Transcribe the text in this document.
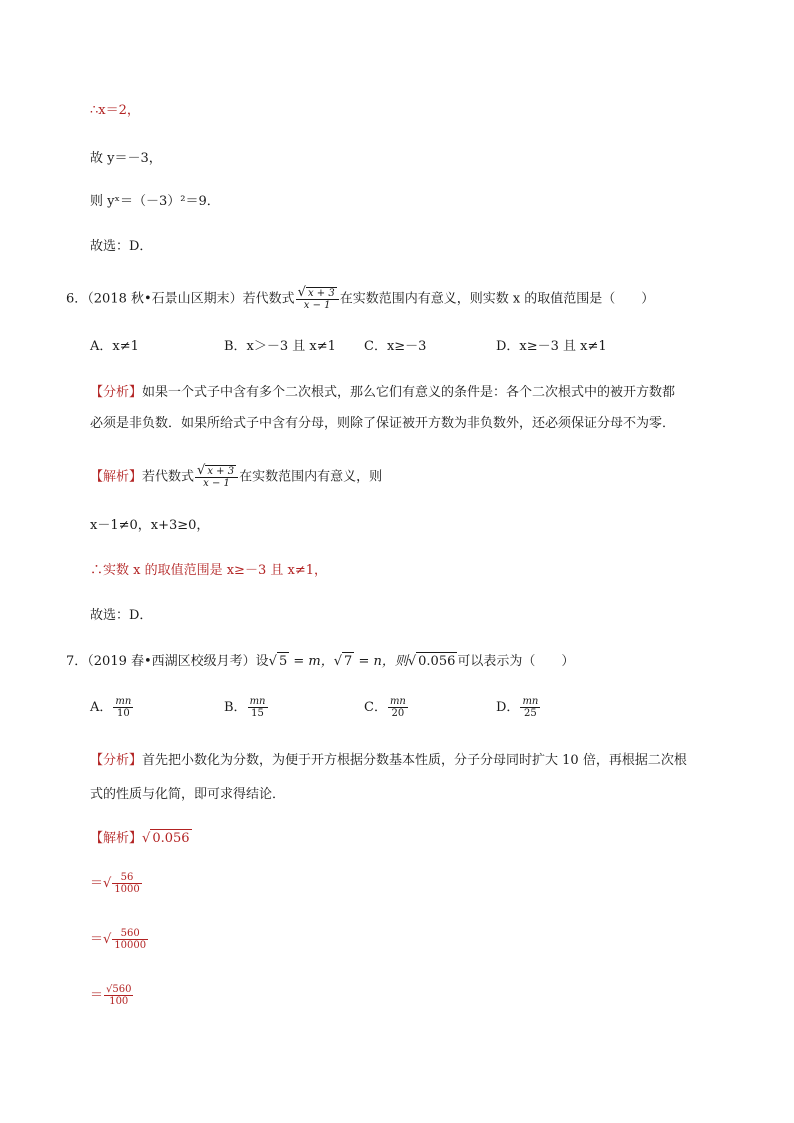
∴x＝2，
故 y＝－3，
则 yˣ＝（－3）²＝9．
故选：D．
6．（2018 秋•石景山区期末）若代数式 $\frac{√ x + 3}{x - 1}$ 在实数范围内有意义，则实数 x 的取值范围是（　　）
A．x≠1	B．x＞－3 且 x≠1 C．x≥－3	D．x≥－3 且 x≠1
【分析】如果一个式子中含有多个二次根式，那么它们有意义的条件是：各个二次根式中的被开方数都
必须是非负数．如果所给式子中含有分母，则除了保证被开方数为非负数外，还必须保证分母不为零．
【解析】若代数式 $\frac{√ x + 3}{x - 1}$ 在实数范围内有意义，则
x－1≠0，x+3≥0，
∴实数 x 的取值范围是 x≥－3 且 x≠1，
故选：D．
7．（2019 春•西湖区校级月考）设√ 5 = m，√ 7 = n，则√ 0.056 可以表示为（　　）
A． $\frac{mn}{10}$	B． $\frac{mn}{15}$	C． $\frac{mn}{20}$	D． $\frac{mn}{25}$
【分析】首先把小数化为分数，为便于开方根据分数基本性质，分子分母同时扩大 10 倍，再根据二次根
式的性质与化简，即可求得结论．
【解析】√ 0.056
＝√ $\frac{56}{1000}$
＝√ $\frac{560}{10000}$
＝ $\frac{√560}{100}$
